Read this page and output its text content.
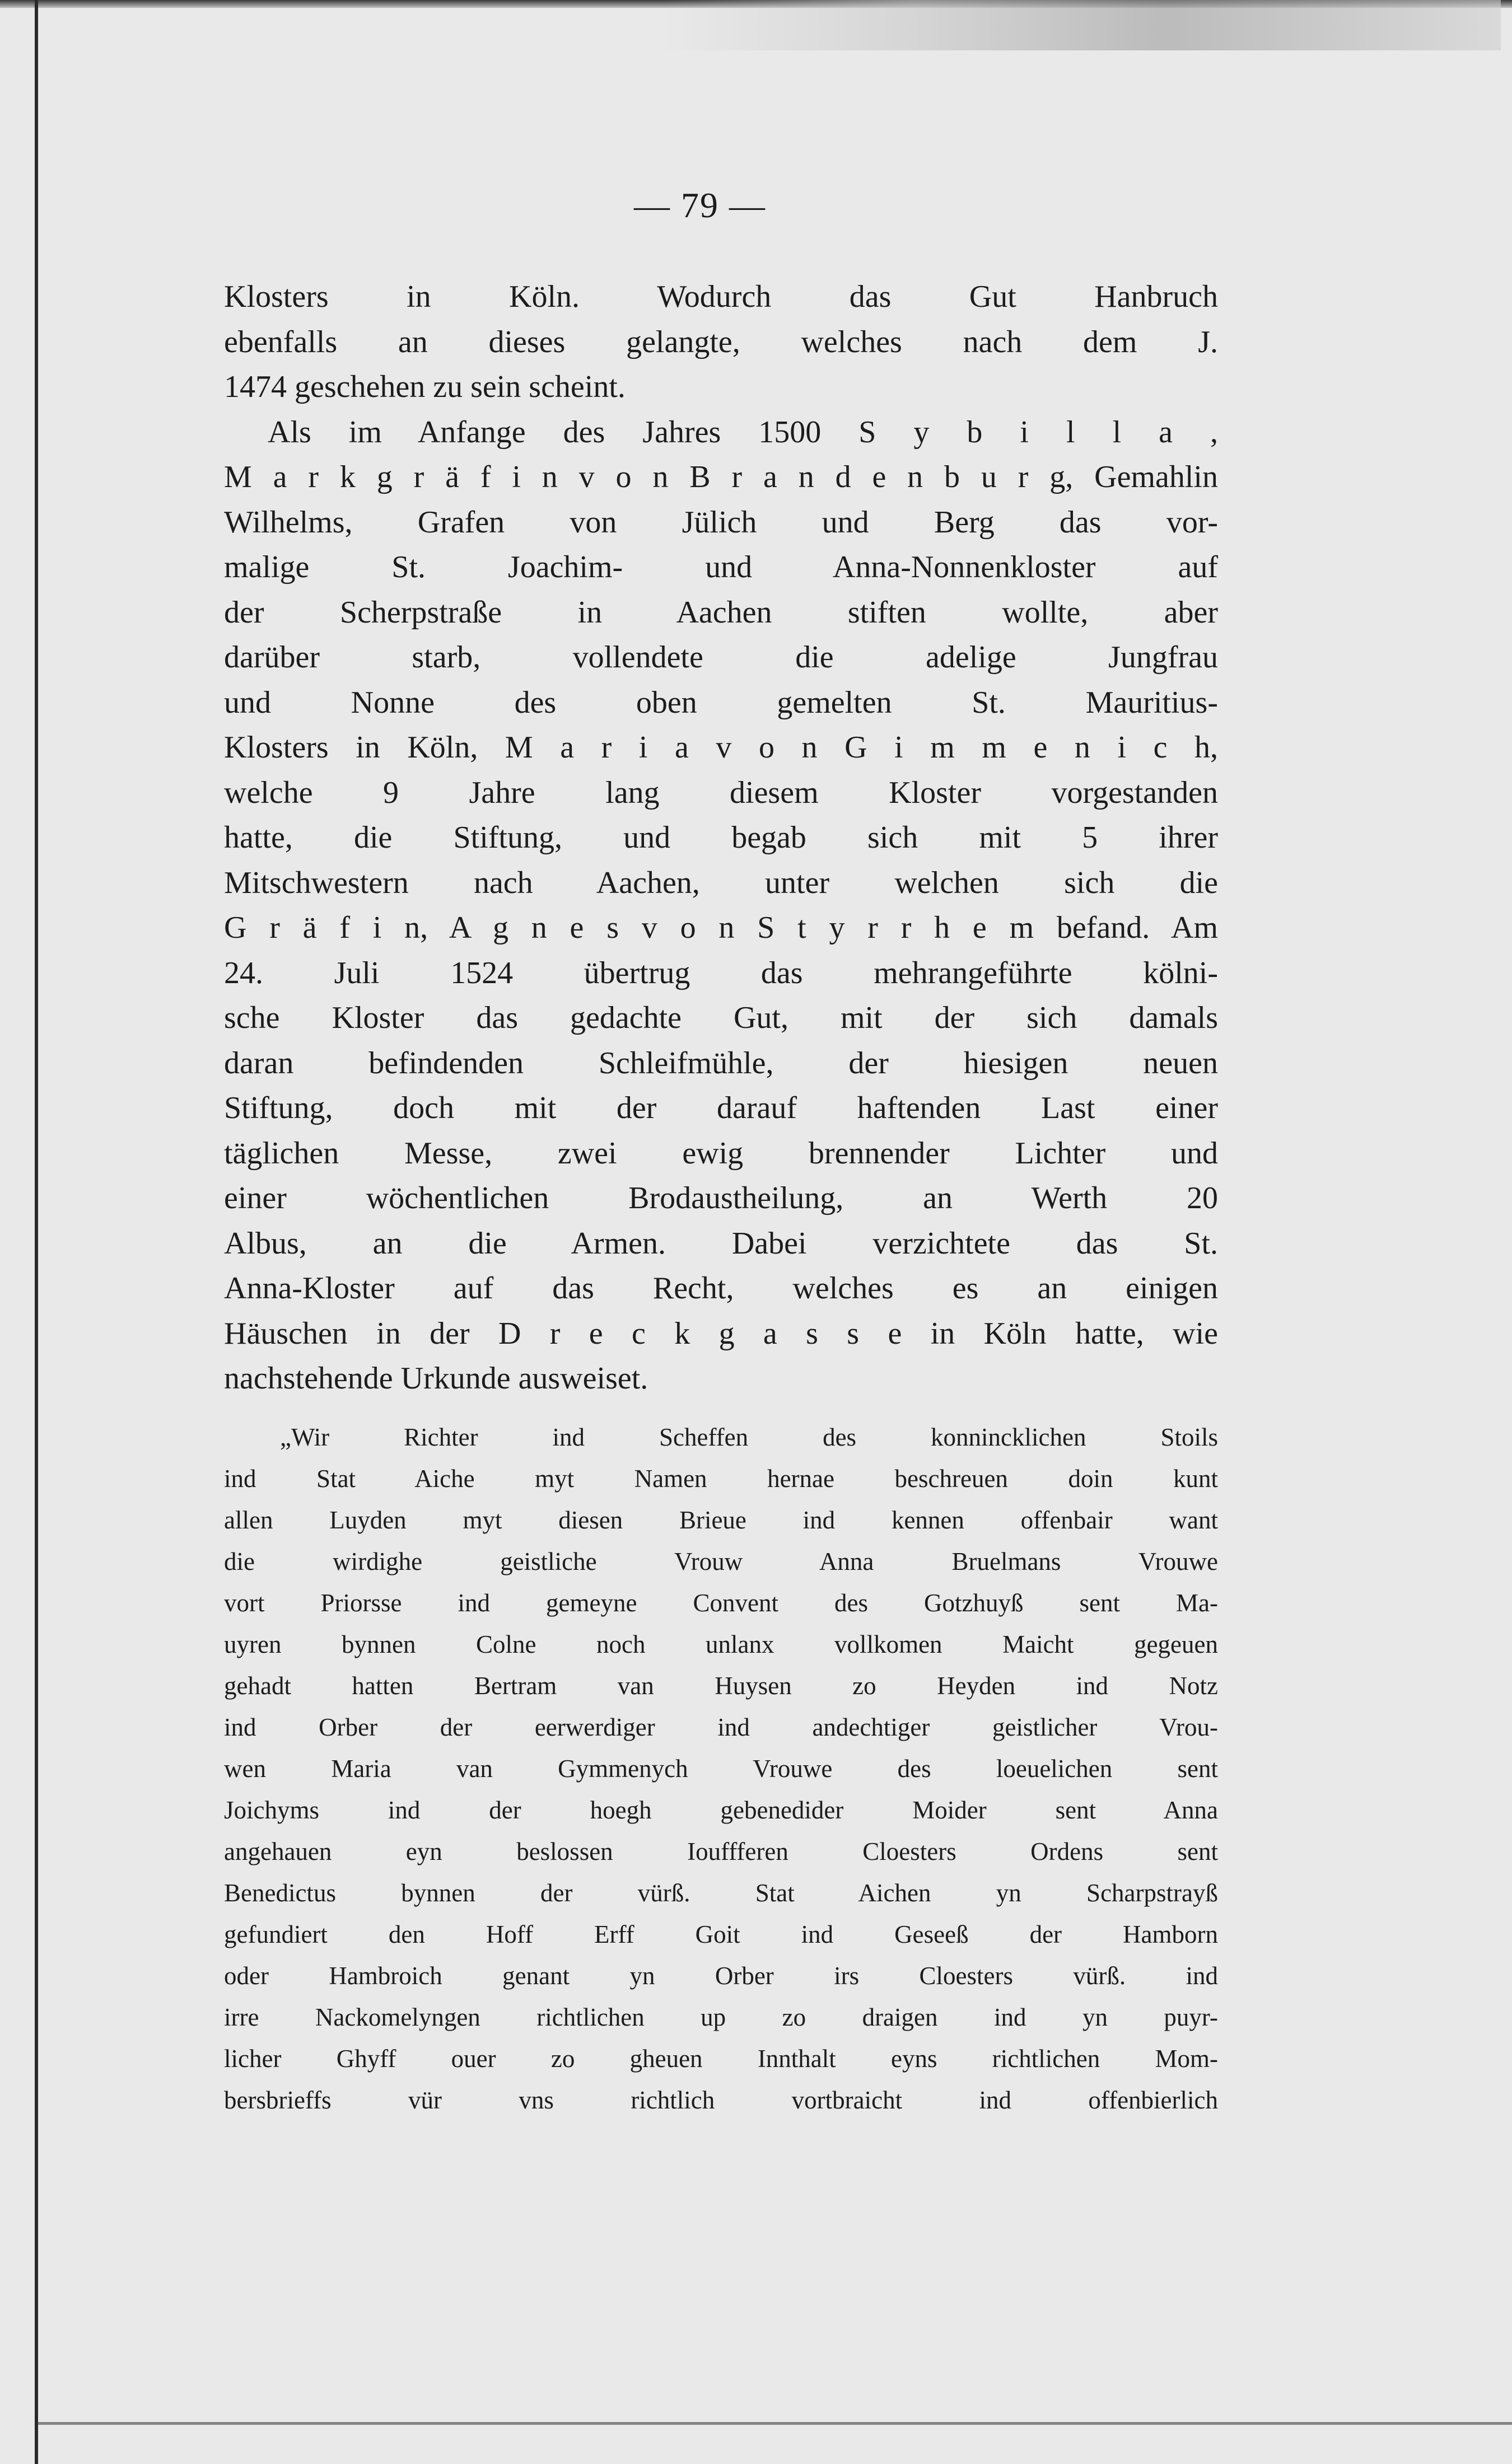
— 79 —
Klosters in Köln. Wodurch das Gut Hanbruch
ebenfalls an dieses gelangte, welches nach dem J.
1474 geschehen zu sein scheint.
Als im Anfange des Jahres 1500 S y b i l l a ,
M a r k g r ä f i n v o n B r a n d e n b u r g, Gemahlin
Wilhelms, Grafen von Jülich und Berg das vor-
malige St. Joachim- und Anna-Nonnenkloster auf
der Scherpstraße in Aachen stiften wollte, aber
darüber starb, vollendete die adelige Jungfrau
und Nonne des oben gemelten St. Mauritius-
Klosters in Köln, M a r i a v o n G i m m e n i c h,
welche 9 Jahre lang diesem Kloster vorgestanden
hatte, die Stiftung, und begab sich mit 5 ihrer
Mitschwestern nach Aachen, unter welchen sich die
G r ä f i n, A g n e s v o n S t y r r h e m befand. Am
24. Juli 1524 übertrug das mehrangeführte kölni-
sche Kloster das gedachte Gut, mit der sich damals
daran befindenden Schleifmühle, der hiesigen neuen
Stiftung, doch mit der darauf haftenden Last einer
täglichen Messe, zwei ewig brennender Lichter und
einer wöchentlichen Brodaustheilung, an Werth 20
Albus, an die Armen. Dabei verzichtete das St.
Anna-Kloster auf das Recht, welches es an einigen
Häuschen in der D r e c k g a s s e in Köln hatte, wie
nachstehende Urkunde ausweiset.
„Wir Richter ind Scheffen des konnincklichen Stoils
ind Stat Aiche myt Namen hernae beschreuen doin kunt
allen Luyden myt diesen Brieue ind kennen offenbair want
die wirdighe geistliche Vrouw Anna Bruelmans Vrouwe
vort Priorsse ind gemeyne Convent des Gotzhuyß sent Ma-
uyren bynnen Colne noch unlanx vollkomen Maicht gegeuen
gehadt hatten Bertram van Huysen zo Heyden ind Notz
ind Orber der eerwerdiger ind andechtiger geistlicher Vrou-
wen Maria van Gymmenych Vrouwe des loeuelichen sent
Joichyms ind der hoegh gebenedider Moider sent Anna
angehauen eyn beslossen Iouffferen Cloesters Ordens sent
Benedictus bynnen der vürß. Stat Aichen yn Scharpstrayß
gefundiert den Hoff Erff Goit ind Geseeß der Hamborn
oder Hambroich genant yn Orber irs Cloesters vürß. ind
irre Nackomelyngen richtlichen up zo draigen ind yn puyr-
licher Ghyff ouer zo gheuen Innthalt eyns richtlichen Mom-
bersbrieffs vür vns richtlich vortbraicht ind offenbierlich
